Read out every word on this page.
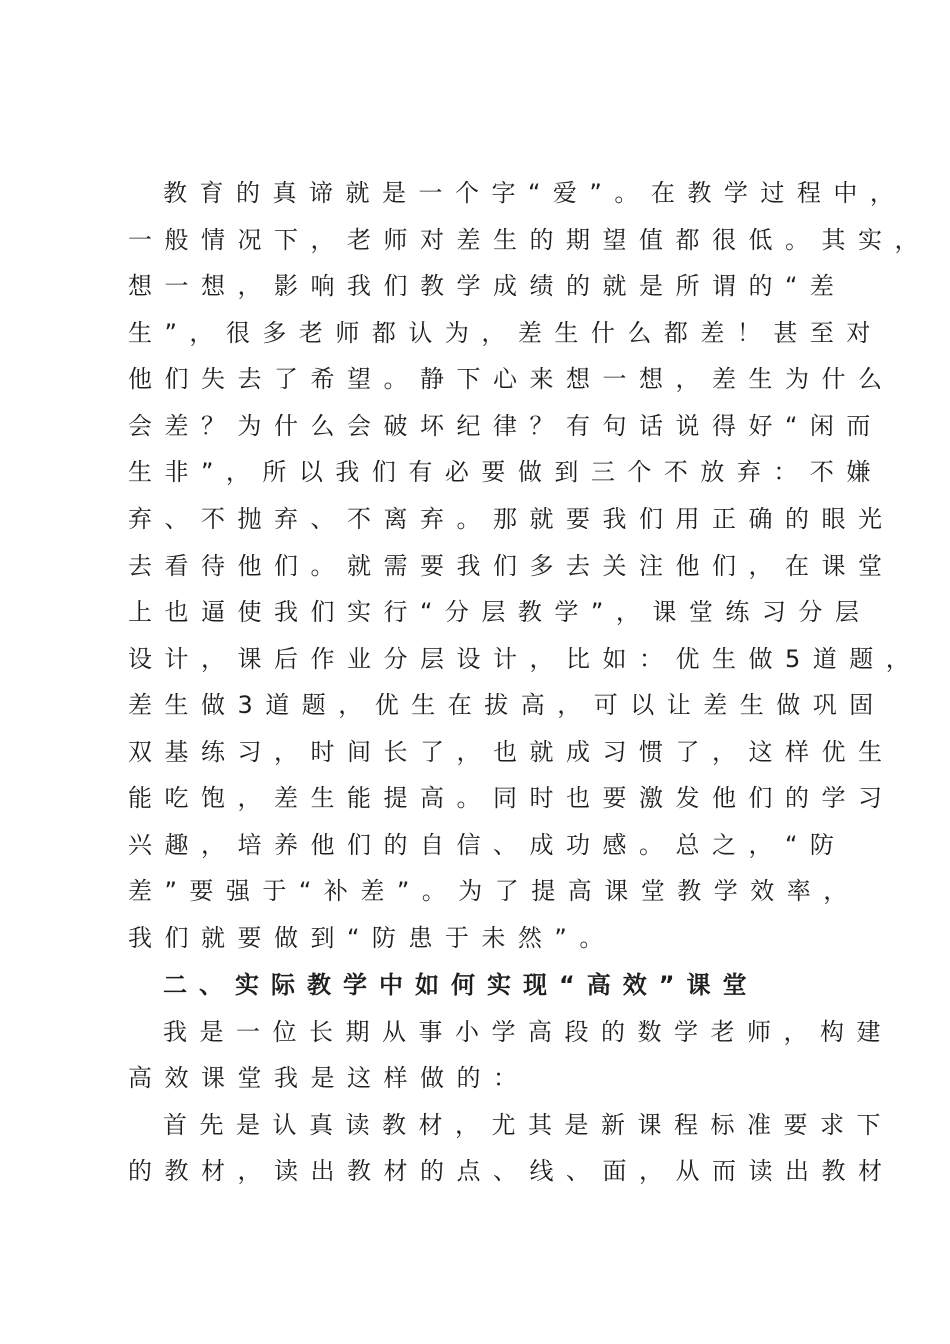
教育的真谛就是一个字“爱”。在教学过程中，
一般情况下，老师对差生的期望值都很低。其实，
想一想，影响我们教学成绩的就是所谓的“差
生”，很多老师都认为，差生什么都差！甚至对
他们失去了希望。静下心来想一想，差生为什么
会差？为什么会破坏纪律？有句话说得好“闲而
生非”，所以我们有必要做到三个不放弃：不嫌
弃、不抛弃、不离弃。那就要我们用正确的眼光
去看待他们。就需要我们多去关注他们，在课堂
上也逼使我们实行“分层教学”，课堂练习分层
设计，课后作业分层设计，比如：优生做5道题，
差生做3道题，优生在拔高，可以让差生做巩固
双基练习，时间长了，也就成习惯了，这样优生
能吃饱，差生能提高。同时也要激发他们的学习
兴趣，培养他们的自信、成功感。总之，“防
差”要强于“补差”。为了提高课堂教学效率，
我们就要做到“防患于未然”。
二、实际教学中如何实现“高效”课堂
我是一位长期从事小学高段的数学老师，构建
高效课堂我是这样做的：
首先是认真读教材，尤其是新课程标准要求下
的教材，读出教材的点、线、面，从而读出教材
